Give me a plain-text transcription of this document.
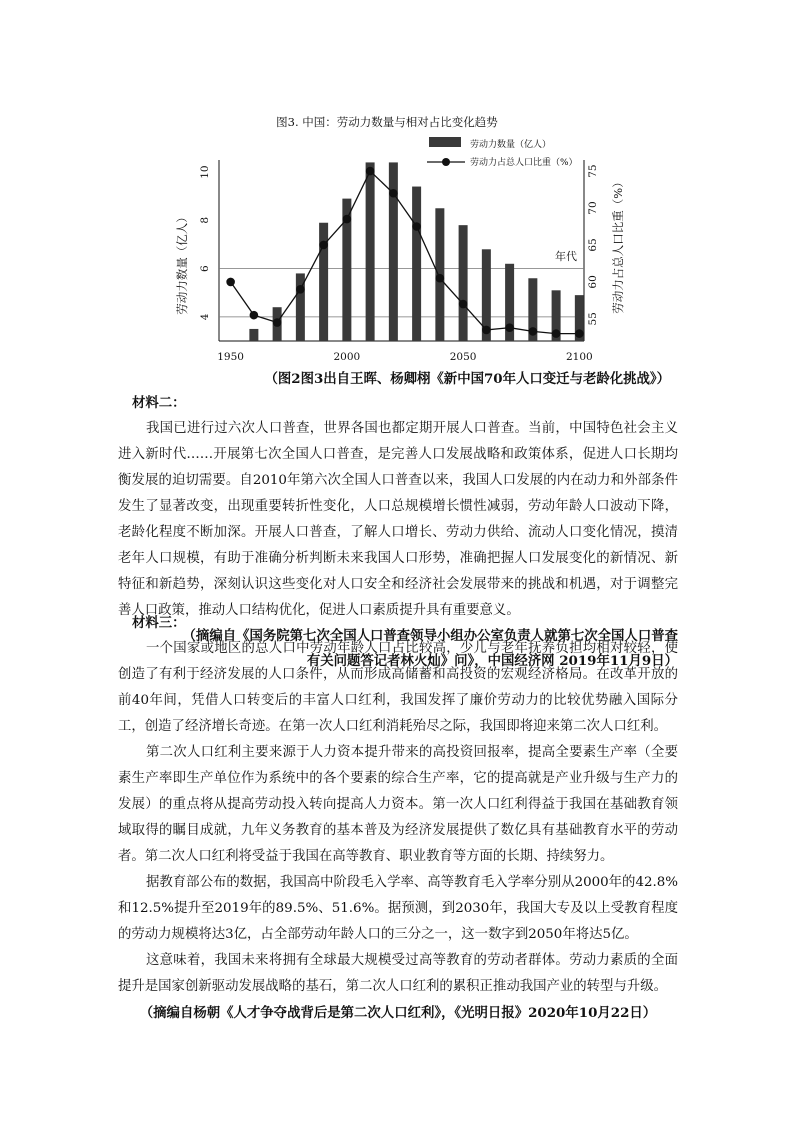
图3. 中国：劳动力数量与相对占比变化趋势
劳动力数量（亿人）
劳动力占总人口比重（%）
1950	2000	2050	2100
4
6
8
10
55
60
65
70
75
年代
劳动力数量（亿人）	劳动力占总人口比重（%）
（图2图3出自王晖、杨卿栩《新中国70年人口变迁与老龄化挑战》）
材料二：

我国已进行过六次人口普查，世界各国也都定期开展人口普查。当前，中国特色社会主义进入新时代……开展第七次全国人口普查，是完善人口发展战略和政策体系，促进人口长期均衡发展的迫切需要。自2010年第六次全国人口普查以来，我国人口发展的内在动力和外部条件发生了显著改变，出现重要转折性变化，人口总规模增长惯性减弱，劳动年龄人口波动下降，老龄化程度不断加深。开展人口普查，了解人口增长、劳动力供给、流动人口变化情况，摸清老年人口规模，有助于准确分析判断未来我国人口形势，准确把握人口发展变化的新情况、新特征和新趋势，深刻认识这些变化对人口安全和经济社会发展带来的挑战和机遇，对于调整完善人口政策，推动人口结构优化，促进人口素质提升具有重要意义。

（摘编自《国务院第七次全国人口普查领导小组办公室负责人就第七次全国人口普查
有关问题答记者林火灿》问》，中国经济网 2019年11月9日）
材料三：

一个国家或地区的总人口中劳动年龄人口占比较高，少儿与老年抚养负担均相对较轻，使创造了有利于经济发展的人口条件，从而形成高储蓄和高投资的宏观经济格局。在改革开放的前40年间，凭借人口转变后的丰富人口红利，我国发挥了廉价劳动力的比较优势融入国际分工，创造了经济增长奇迹。在第一次人口红利消耗殆尽之际，我国即将迎来第二次人口红利。

第二次人口红利主要来源于人力资本提升带来的高投资回报率，提高全要素生产率（全要素生产率即生产单位作为系统中的各个要素的综合生产率，它的提高就是产业升级与生产力的发展）的重点将从提高劳动投入转向提高人力资本。第一次人口红利得益于我国在基础教育领域取得的瞩目成就，九年义务教育的基本普及为经济发展提供了数亿具有基础教育水平的劳动者。第二次人口红利将受益于我国在高等教育、职业教育等方面的长期、持续努力。

据教育部公布的数据，我国高中阶段毛入学率、高等教育毛入学率分别从2000年的42.8%和12.5%提升至2019年的89.5%、51.6%。据预测，到2030年，我国大专及以上受教育程度的劳动力规模将达3亿，占全部劳动年龄人口的三分之一，这一数字到2050年将达5亿。

这意味着，我国未来将拥有全球最大规模受过高等教育的劳动者群体。劳动力素质的全面提升是国家创新驱动发展战略的基石，第二次人口红利的累积正推动我国产业的转型与升级。

（摘编自杨朝《人才争夺战背后是第二次人口红利》，《光明日报》2020年10月22日）
